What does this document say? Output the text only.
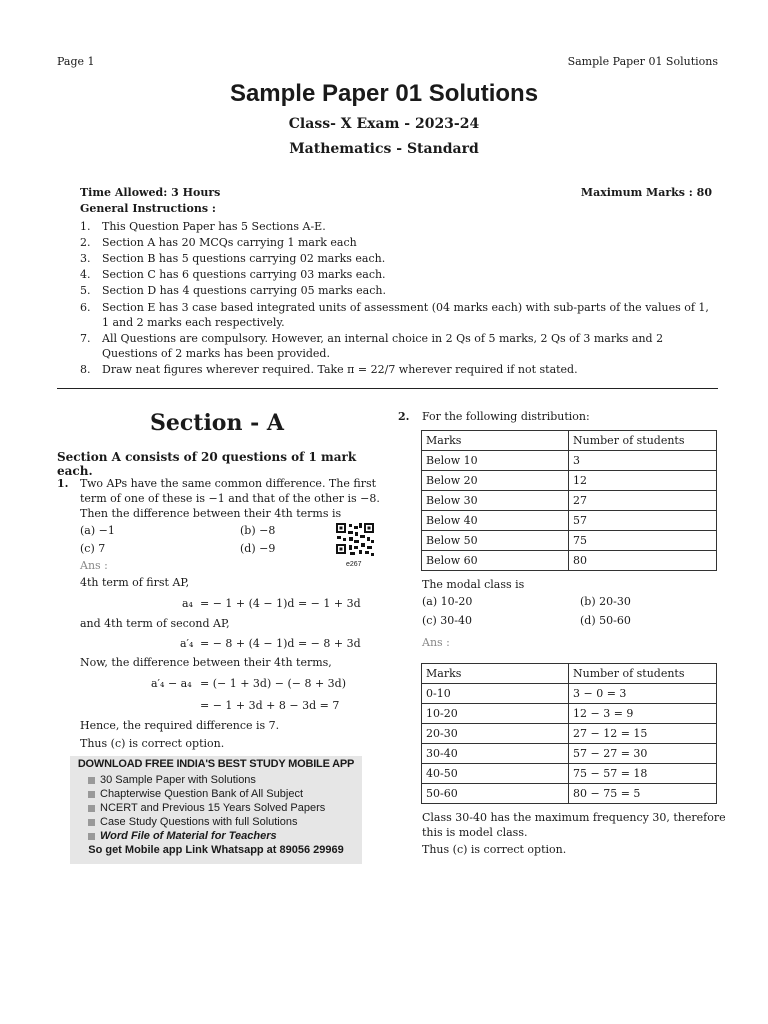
Page 1	Sample Paper 01 Solutions
Sample Paper 01 Solutions
Class- X Exam - 2023-24
Mathematics - Standard
Time Allowed: 3 Hours	Maximum Marks : 80
General Instructions :
1. This Question Paper has 5 Sections A-E.
2. Section A has 20 MCQs carrying 1 mark each
3. Section B has 5 questions carrying 02 marks each.
4. Section C has 6 questions carrying 03 marks each.
5. Section D has 4 questions carrying 05 marks each.
6. Section E has 3 case based integrated units of assessment (04 marks each) with sub-parts of the values of 1, 1 and 2 marks each respectively.
7. All Questions are compulsory. However, an internal choice in 2 Qs of 5 marks, 2 Qs of 3 marks and 2 Questions of 2 marks has been provided.
8. Draw neat figures wherever required. Take π = 22/7 wherever required if not stated.
Section - A
Section A consists of 20 questions of 1 mark each.
1. Two APs have the same common difference. The first
term of one of these is −1 and that of the other is −8.
Then the difference between their 4th terms is
(a) −1	(b) −8
(c) 7	(d) −9
e267
Ans :
4th term of first AP,
a₄ = − 1 + (4 − 1)d = − 1 + 3d
and 4th term of second AP,
a′₄ = − 8 + (4 − 1)d = − 8 + 3d
Now, the difference between their 4th terms,
a′₄ − a₄ = (− 1 + 3d) − (− 8 + 3d)
= − 1 + 3d + 8 − 3d = 7
Hence, the required difference is 7.
Thus (c) is correct option.
DOWNLOAD FREE INDIA'S BEST STUDY MOBILE APP
30 Sample Paper with Solutions
Chapterwise Question Bank of All Subject
NCERT and Previous 15 Years Solved Papers
Case Study Questions with full Solutions
Word File of Material for Teachers
So get Mobile app Link Whatsapp at 89056 29969
2. For the following distribution:
Marks	Number of students
Below 10	3
Below 20	12
Below 30	27
Below 40	57
Below 50	75
Below 60	80
The modal class is
(a) 10-20	(b) 20-30
(c) 30-40	(d) 50-60
Ans :
Marks	Number of students
0-10	3 − 0 = 3
10-20	12 − 3 = 9
20-30	27 − 12 = 15
30-40	57 − 27 = 30
40-50	75 − 57 = 18
50-60	80 − 75 = 5
Class 30-40 has the maximum frequency 30, therefore
this is model class.
Thus (c) is correct option.
